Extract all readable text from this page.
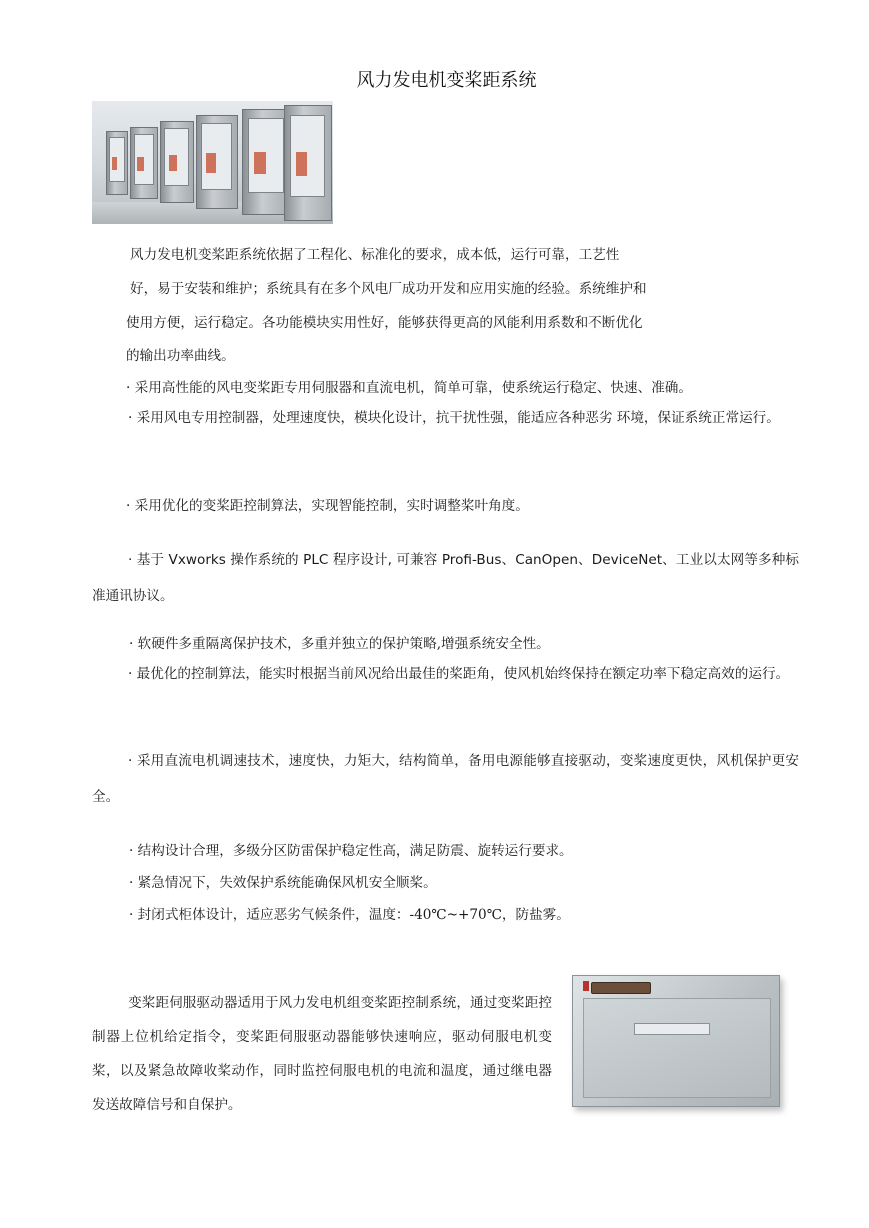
风力发电机变桨距系统
风力发电机变桨距系统依据了工程化、标准化的要求，成本低，运行可靠，工艺性
好，易于安装和维护；系统具有在多个风电厂成功开发和应用实施的经验。系统维护和
使用方便，运行稳定。各功能模块实用性好，能够获得更高的风能利用系数和不断优化
的输出功率曲线。
· 采用高性能的风电变桨距专用伺服器和直流电机，简单可靠，使系统运行稳定、快速、准确。
· 采用风电专用控制器，处理速度快，模块化设计，抗干扰性强，能适应各种恶劣 环境，保证系统正常运行。
· 采用优化的变桨距控制算法，实现智能控制，实时调整桨叶角度。
· 基于 Vxworks 操作系统的 PLC 程序设计, 可兼容 Profi-Bus、CanOpen、DeviceNet、工业以太网等多种标准通讯协议。
· 软硬件多重隔离保护技术，多重并独立的保护策略,增强系统安全性。
· 最优化的控制算法，能实时根据当前风况给出最佳的桨距角，使风机始终保持在额定功率下稳定高效的运行。
· 采用直流电机调速技术，速度快，力矩大，结构简单，备用电源能够直接驱动，变桨速度更快，风机保护更安全。
· 结构设计合理，多级分区防雷保护稳定性高，满足防震、旋转运行要求。
· 紧急情况下，失效保护系统能确保风机安全顺桨。
· 封闭式柜体设计，适应恶劣气候条件，温度：-40℃~+70℃，防盐雾。
变桨距伺服驱动器适用于风力发电机组变桨距控制系统，通过变桨距控制器上位机给定指令，变桨距伺服驱动器能够快速响应，驱动伺服电机变桨，以及紧急故障收桨动作，同时监控伺服电机的电流和温度，通过继电器发送故障信号和自保护。
